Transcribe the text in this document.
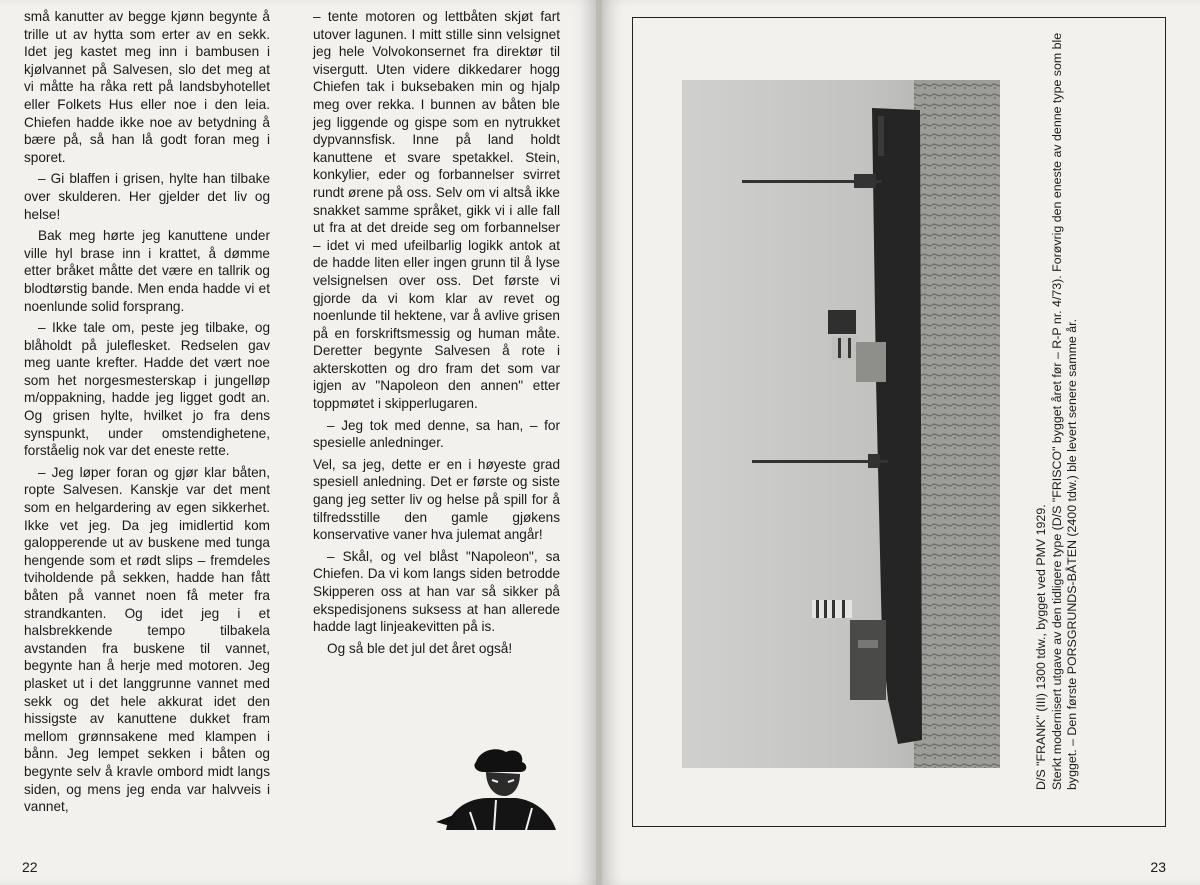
små kanutter av begge kjønn begynte å trille ut av hytta som erter av en sekk. Idet jeg kastet meg inn i bambusen i kjølvannet på Salvesen, slo det meg at vi måtte ha råka rett på landsbyhotellet eller Folkets Hus eller noe i den leia. Chiefen hadde ikke noe av betydning å bære på, så han lå godt foran meg i sporet.

– Gi blaffen i grisen, hylte han tilbake over skulderen. Her gjelder det liv og helse!

Bak meg hørte jeg kanuttene under ville hyl brase inn i krattet, å dømme etter bråket måtte det være en tallrik og blodtørstig bande. Men enda hadde vi et noenlunde solid forsprang.

– Ikke tale om, peste jeg tilbake, og blåholdt på juleflesket. Redselen gav meg uante krefter. Hadde det vært noe som het norgesmesterskap i jungelløp m/oppakning, hadde jeg ligget godt an. Og grisen hylte, hvilket jo fra dens synspunkt, under omstendighetene, forståelig nok var det eneste rette.

– Jeg løper foran og gjør klar båten, ropte Salvesen. Kanskje var det ment som en helgardering av egen sikkerhet. Ikke vet jeg. Da jeg imidlertid kom galopperende ut av buskene med tunga hengende som et rødt slips – fremdeles tviholdende på sekken, hadde han fått båten på vannet noen få meter fra strandkanten. Og idet jeg i et halsbrekkende tempo tilbakela avstanden fra buskene til vannet, begynte han å herje med motoren. Jeg plasket ut i det langgrunne vannet med sekk og det hele akkurat idet den hissigste av kanuttene dukket fram mellom grønnsakene med klampen i bånn. Jeg lempet sekken i båten og begynte selv å kravle ombord midt langs siden, og mens jeg enda var halvveis i vannet,

– tente motoren og lettbåten skjøt fart utover lagunen. I mitt stille sinn velsignet jeg hele Volvokonsernet fra direktør til visergutt. Uten videre dikkedarer hogg Chiefen tak i buksebaken min og hjalp meg over rekka. I bunnen av båten ble jeg liggende og gispe som en nytrukket dypvannsfisk. Inne på land holdt kanuttene et svare spetakkel. Stein, konkylier, eder og forbannelser svirret rundt ørene på oss. Selv om vi altså ikke snakket samme språket, gikk vi i alle fall ut fra at det dreide seg om forbannelser – idet vi med ufeilbarlig logikk antok at de hadde liten eller ingen grunn til å lyse velsignelsen over oss. Det første vi gjorde da vi kom klar av revet og noenlunde til hektene, var å avlive grisen på en forskriftsmessig og human måte. Deretter begynte Salvesen å rote i akterskotten og dro fram det som var igjen av "Napoleon den annen" etter toppmøtet i skipperlugaren.

– Jeg tok med denne, sa han, – for spesielle anledninger.

Vel, sa jeg, dette er en i høyeste grad spesiell anledning. Det er første og siste gang jeg setter liv og helse på spill for å tilfredsstille den gamle gjøkens konservative vaner hva julemat angår!

– Skål, og vel blåst "Napoleon", sa Chiefen. Da vi kom langs siden betrodde Skipperen oss at han var så sikker på ekspedisjonens suksess at han allerede hadde lagt linjeakevitten på is.

Og så ble det jul det året også!

22

D/S "FRANK" (III) 1300 tdw., bygget ved PMV 1929. Sterkt modernisert utgave av den tidligere type (D/S "FRISCO" bygget året før – R-P nr. 4/73). Forøvrig den eneste av denne type som ble bygget. – Den første PORSGRUNDS-BÅTEN (2400 tdw.) ble levert senere samme år.

23
